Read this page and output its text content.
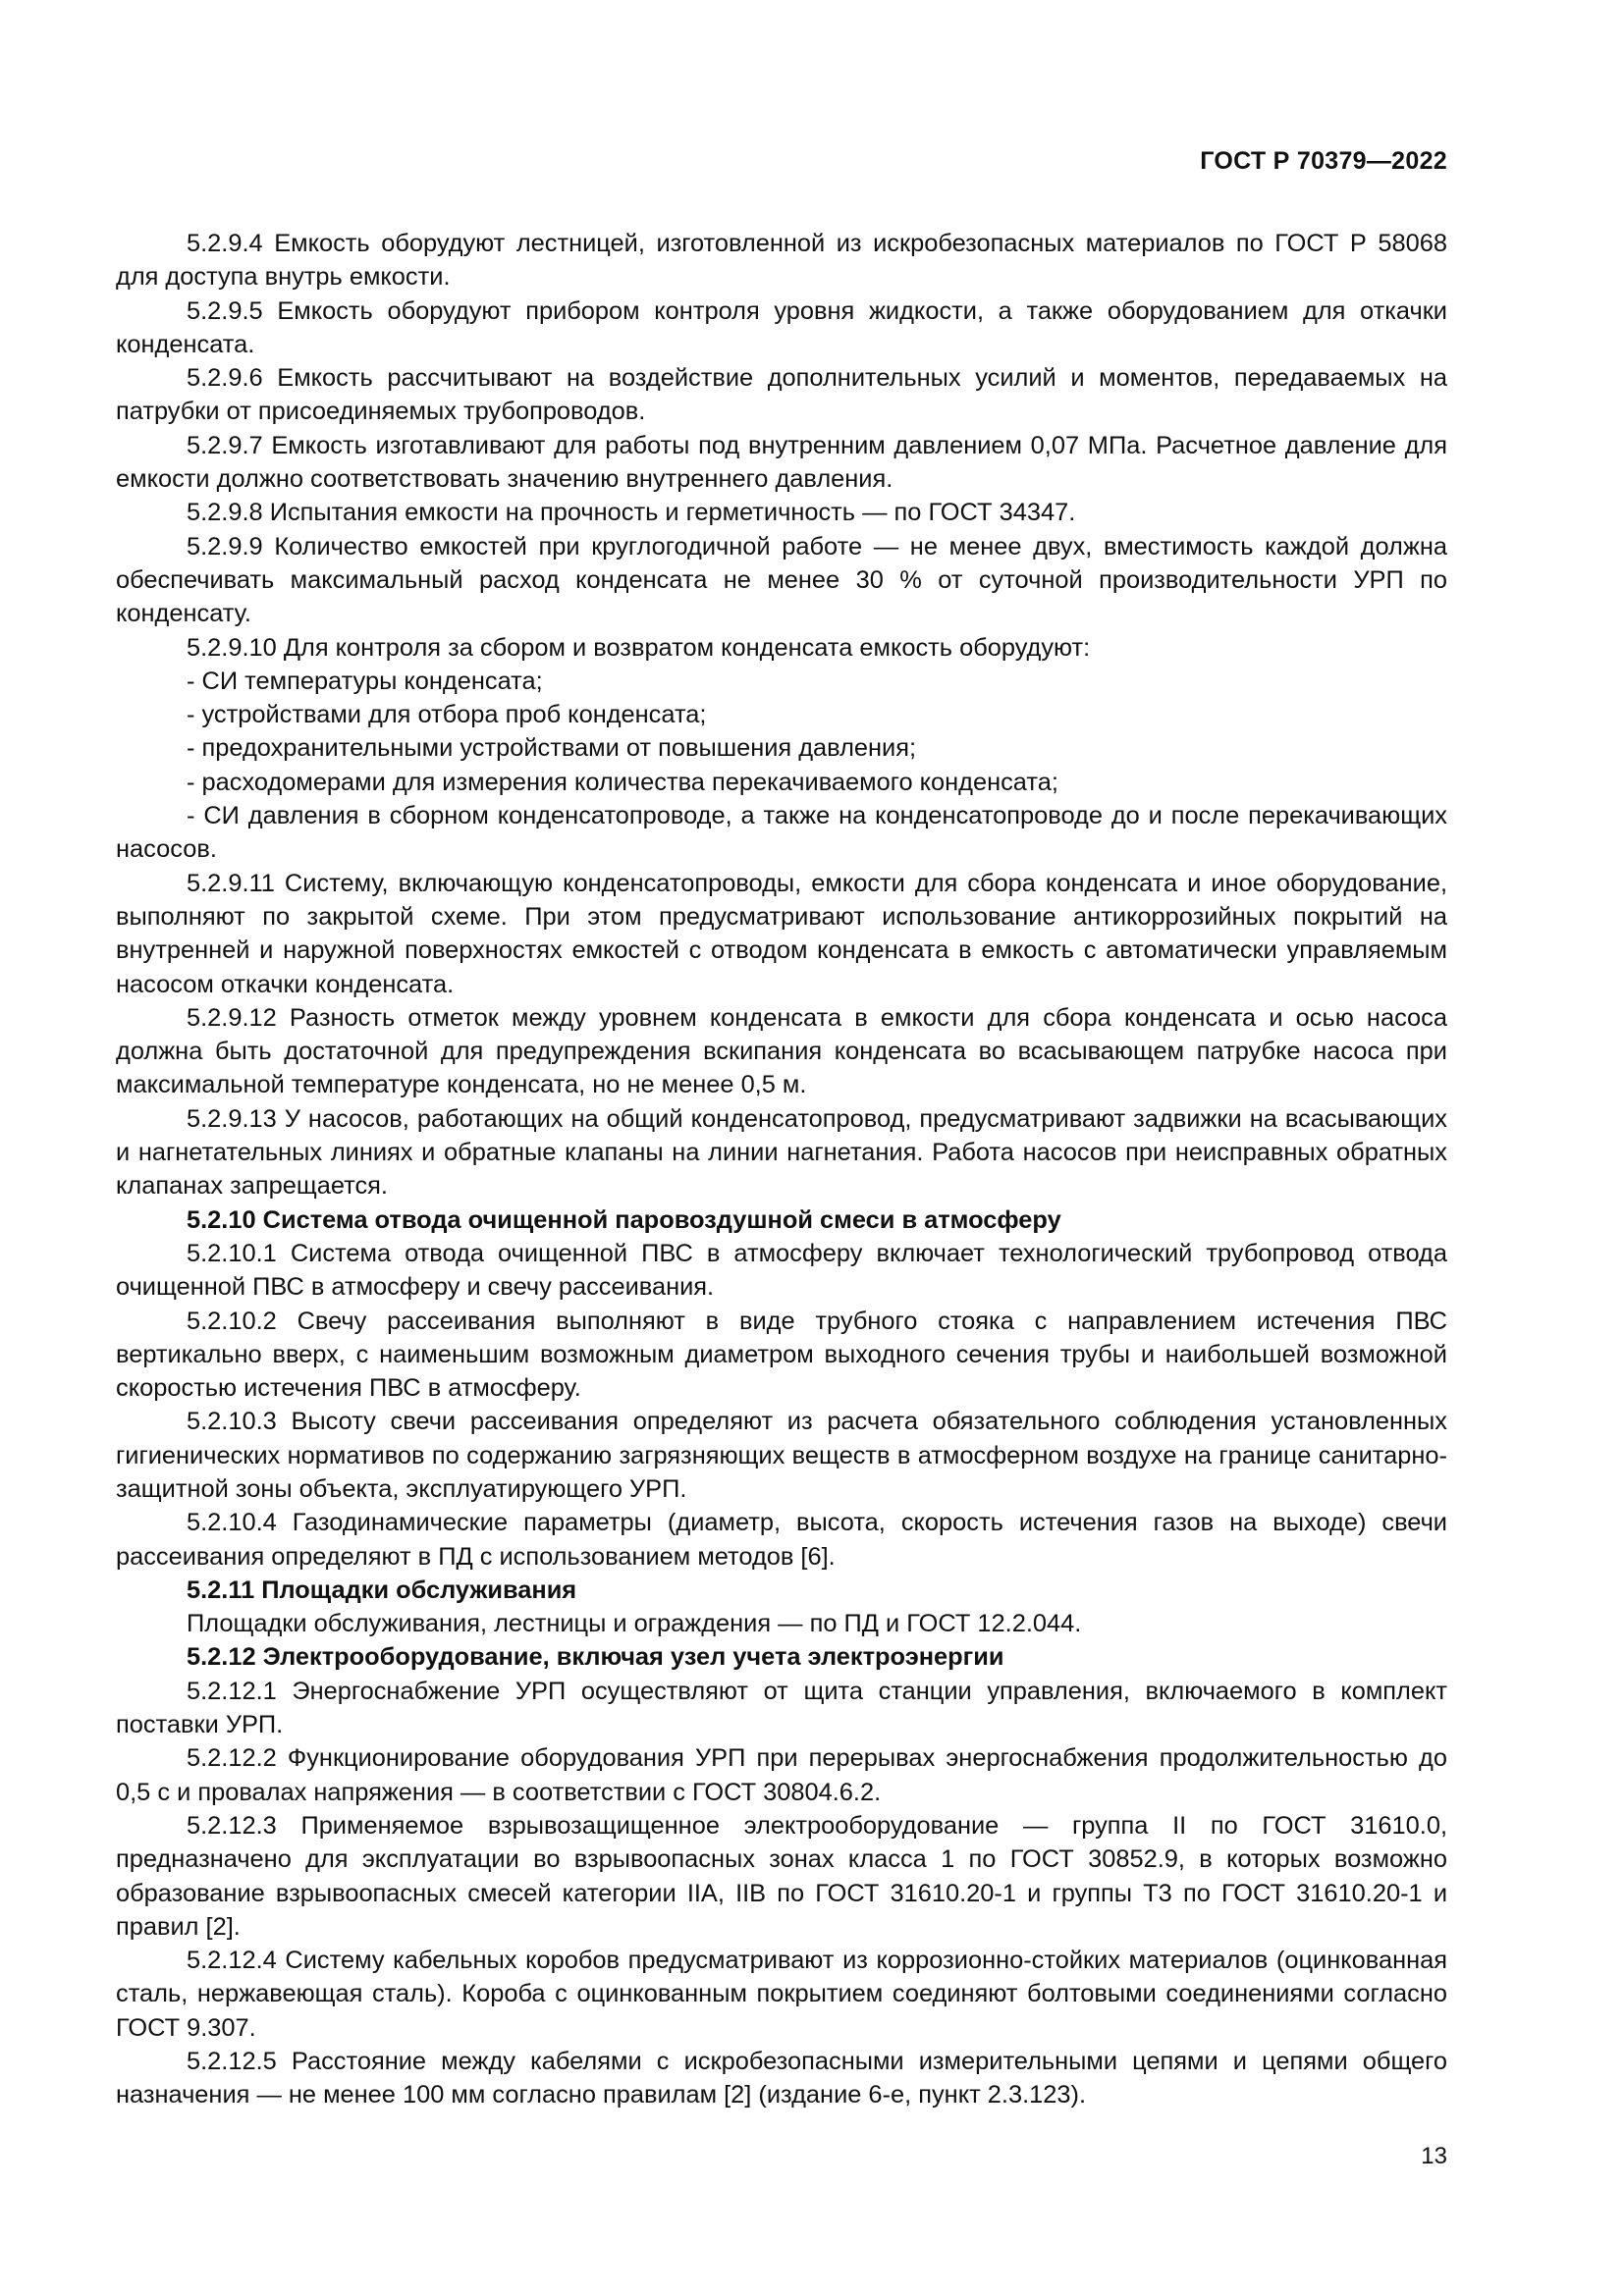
ГОСТ Р 70379—2022

5.2.9.4 Емкость оборудуют лестницей, изготовленной из искробезопасных материалов по ГОСТ Р 58068 для доступа внутрь емкости.

5.2.9.5 Емкость оборудуют прибором контроля уровня жидкости, а также оборудованием для откачки конденсата.

5.2.9.6 Емкость рассчитывают на воздействие дополнительных усилий и моментов, передаваемых на патрубки от присоединяемых трубопроводов.

5.2.9.7 Емкость изготавливают для работы под внутренним давлением 0,07 МПа. Расчетное давление для емкости должно соответствовать значению внутреннего давления.

5.2.9.8 Испытания емкости на прочность и герметичность — по ГОСТ 34347.

5.2.9.9 Количество емкостей при круглогодичной работе — не менее двух, вместимость каждой должна обеспечивать максимальный расход конденсата не менее 30 % от суточной производительности УРП по конденсату.

5.2.9.10 Для контроля за сбором и возвратом конденсата емкость оборудуют:

- СИ температуры конденсата;

- устройствами для отбора проб конденсата;

- предохранительными устройствами от повышения давления;

- расходомерами для измерения количества перекачиваемого конденсата;

- СИ давления в сборном конденсатопроводе, а также на конденсатопроводе до и после перекачивающих насосов.

5.2.9.11 Систему, включающую конденсатопроводы, емкости для сбора конденсата и иное оборудование, выполняют по закрытой схеме. При этом предусматривают использование антикоррозийных покрытий на внутренней и наружной поверхностях емкостей с отводом конденсата в емкость с автоматически управляемым насосом откачки конденсата.

5.2.9.12 Разность отметок между уровнем конденсата в емкости для сбора конденсата и осью насоса должна быть достаточной для предупреждения вскипания конденсата во всасывающем патрубке насоса при максимальной температуре конденсата, но не менее 0,5 м.

5.2.9.13 У насосов, работающих на общий конденсатопровод, предусматривают задвижки на всасывающих и нагнетательных линиях и обратные клапаны на линии нагнетания. Работа насосов при неисправных обратных клапанах запрещается.

5.2.10 Система отвода очищенной паровоздушной смеси в атмосферу

5.2.10.1 Система отвода очищенной ПВС в атмосферу включает технологический трубопровод отвода очищенной ПВС в атмосферу и свечу рассеивания.

5.2.10.2 Свечу рассеивания выполняют в виде трубного стояка с направлением истечения ПВС вертикально вверх, с наименьшим возможным диаметром выходного сечения трубы и наибольшей возможной скоростью истечения ПВС в атмосферу.

5.2.10.3 Высоту свечи рассеивания определяют из расчета обязательного соблюдения установленных гигиенических нормативов по содержанию загрязняющих веществ в атмосферном воздухе на границе санитарно-защитной зоны объекта, эксплуатирующего УРП.

5.2.10.4 Газодинамические параметры (диаметр, высота, скорость истечения газов на выходе) свечи рассеивания определяют в ПД с использованием методов [6].

5.2.11 Площадки обслуживания

Площадки обслуживания, лестницы и ограждения — по ПД и ГОСТ 12.2.044.

5.2.12 Электрооборудование, включая узел учета электроэнергии

5.2.12.1 Энергоснабжение УРП осуществляют от щита станции управления, включаемого в комплект поставки УРП.

5.2.12.2 Функционирование оборудования УРП при перерывах энергоснабжения продолжительностью до 0,5 с и провалах напряжения — в соответствии с ГОСТ 30804.6.2.

5.2.12.3 Применяемое взрывозащищенное электрооборудование — группа II по ГОСТ 31610.0, предназначено для эксплуатации во взрывоопасных зонах класса 1 по ГОСТ 30852.9, в которых возможно образование взрывоопасных смесей категории IIA, IIB по ГОСТ 31610.20-1 и группы Т3 по ГОСТ 31610.20-1 и правил [2].

5.2.12.4 Систему кабельных коробов предусматривают из коррозионно-стойких материалов (оцинкованная сталь, нержавеющая сталь). Короба с оцинкованным покрытием соединяют болтовыми соединениями согласно ГОСТ 9.307.

5.2.12.5 Расстояние между кабелями с искробезопасными измерительными цепями и цепями общего назначения — не менее 100 мм согласно правилам [2] (издание 6-е, пункт 2.3.123).

13
